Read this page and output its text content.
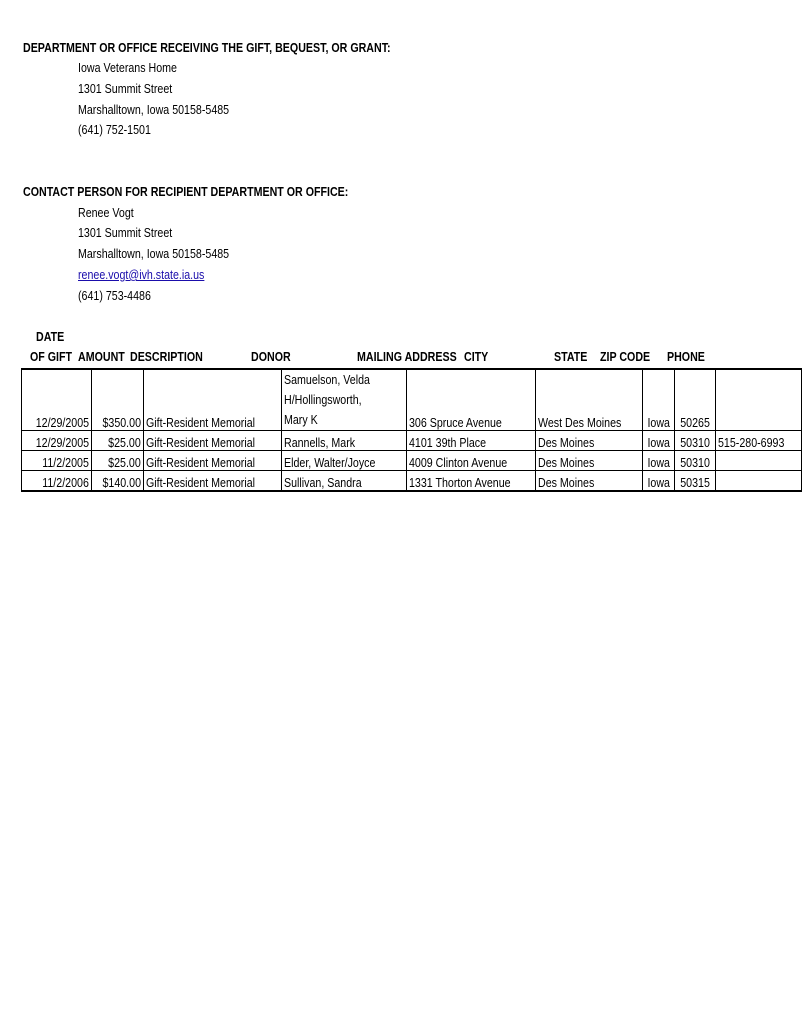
DEPARTMENT OR OFFICE RECEIVING THE GIFT, BEQUEST, OR GRANT:
Iowa Veterans Home
1301 Summit Street
Marshalltown, Iowa 50158-5485
(641) 752-1501
CONTACT PERSON FOR RECIPIENT DEPARTMENT OR OFFICE:
Renee Vogt
1301 Summit Street
Marshalltown, Iowa 50158-5485
renee.vogt@ivh.state.ia.us
(641) 753-4486
DATE
OF GIFT AMOUNT DESCRIPTION	DONOR	MAILING ADDRESS CITY	STATE ZIP CODE	PHONE
12/29/2005	$350.00	Gift-Resident Memorial	Samuelson, Velda H/Hollingsworth, Mary K	306 Spruce Avenue	West Des Moines	Iowa	50265	
12/29/2005	$25.00	Gift-Resident Memorial	Rannells, Mark	4101 39th Place	Des Moines	Iowa	50310	515-280-6993
11/2/2005	$25.00	Gift-Resident Memorial	Elder, Walter/Joyce	4009 Clinton Avenue	Des Moines	Iowa	50310	
11/2/2006	$140.00	Gift-Resident Memorial	Sullivan, Sandra	1331 Thorton Avenue	Des Moines	Iowa	50315	
